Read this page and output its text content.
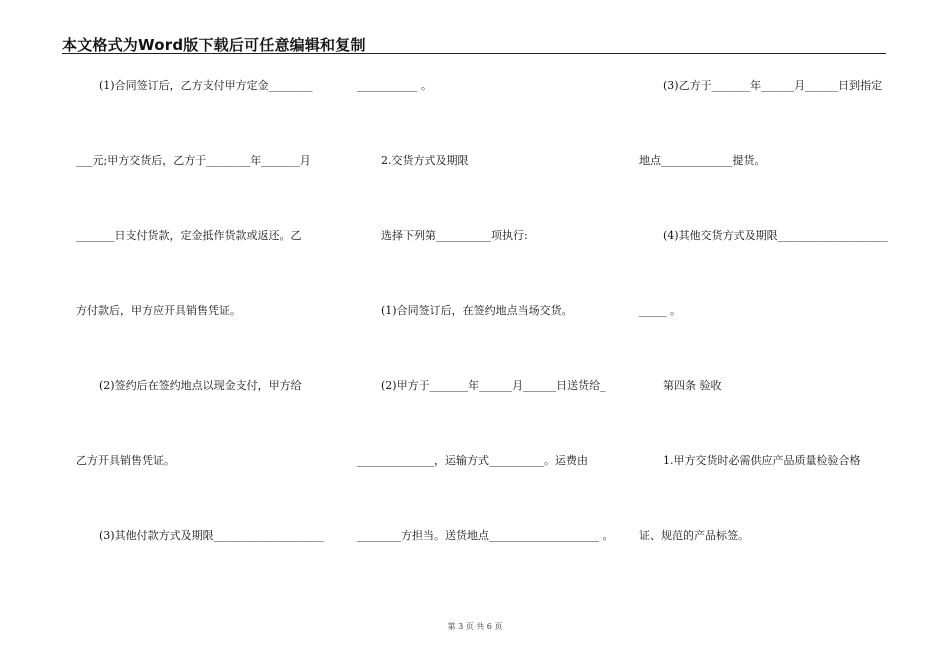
本文格式为Word版下载后可任意编辑和复制
(1)合同签订后，乙方支付甲方定金________
___元;甲方交货后，乙方于________年_______月
_______日支付货款，定金抵作货款或返还。乙
方付款后，甲方应开具销售凭证。
(2)签约后在签约地点以现金支付，甲方给
乙方开具销售凭证。
(3)其他付款方式及期限____________________
___________ 。
2.交货方式及期限
选择下列第__________项执行:
(1)合同签订后，在签约地点当场交货。
(2)甲方于_______年______月______日送货给_
______________，运输方式__________。运费由
________方担当。送货地点____________________ 。
(3)乙方于_______年______月______日到指定
地点_____________提货。
(4)其他交货方式及期限____________________
_____ 。
第四条 验收
1.甲方交货时必需供应产品质量检验合格
证、规范的产品标签。
第 3 页 共 6 页
